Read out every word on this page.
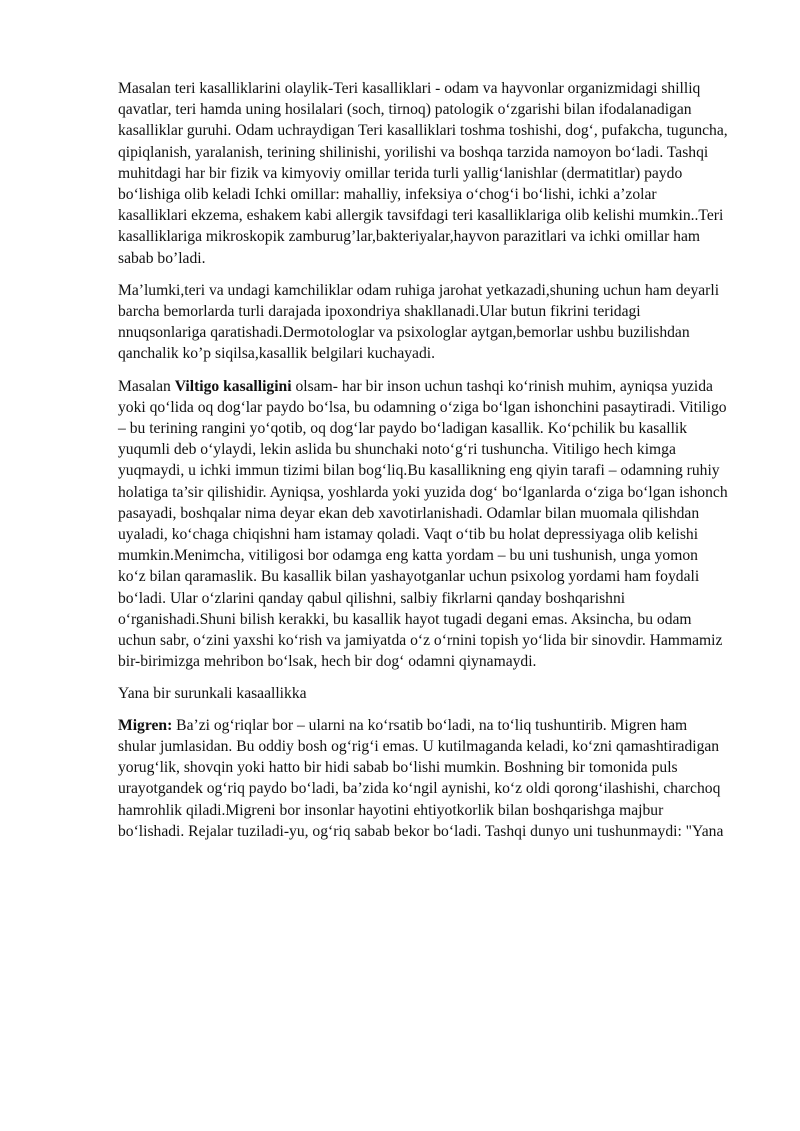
Masalan teri kasalliklarini olaylik-Teri kasalliklari - odam va hayvonlar organizmidagi shilliq qavatlar, teri hamda uning hosilalari (soch, tirnoq) patologik o‘zgarishi bilan ifodalanadigan kasalliklar guruhi. Odam uchraydigan Teri kasalliklari toshma toshishi, dog‘, pufakcha, tuguncha, qipiqlanish, yaralanish, terining shilinishi, yorilishi va boshqa tarzida namoyon bo‘ladi. Tashqi muhitdagi har bir fizik va kimyoviy omillar terida turli yallig‘lanishlar (dermatitlar) paydo bo‘lishiga olib keladi Ichki omillar: mahalliy, infeksiya o‘chog‘i bo‘lishi, ichki a’zolar kasalliklari ekzema, eshakem kabi allergik tavsifdagi teri kasalliklariga olib kelishi mumkin..Teri kasalliklariga mikroskopik zamburug’lar,bakteriyalar,hayvon parazitlari va ichki omillar ham sabab bo’ladi.

Ma’lumki,teri va undagi kamchiliklar odam ruhiga jarohat yetkazadi,shuning uchun ham deyarli barcha bemorlarda turli darajada ipoxondriya shakllanadi.Ular butun fikrini teridagi nnuqsonlariga qaratishadi.Dermotologlar va psixologlar aytgan,bemorlar ushbu buzilishdan qanchalik ko’p siqilsa,kasallik belgilari kuchayadi.

Masalan Viltigo kasalligini olsam- har bir inson uchun tashqi ko‘rinish muhim, ayniqsa yuzida yoki qo‘lida oq dog‘lar paydo bo‘lsa, bu odamning o‘ziga bo‘lgan ishonchini pasaytiradi. Vitiligo – bu terining rangini yo‘qotib, oq dog‘lar paydo bo‘ladigan kasallik. Ko‘pchilik bu kasallik yuqumli deb o‘ylaydi, lekin aslida bu shunchaki noto‘g‘ri tushuncha. Vitiligo hech kimga yuqmaydi, u ichki immun tizimi bilan bog‘liq.Bu kasallikning eng qiyin tarafi – odamning ruhiy holatiga ta’sir qilishidir. Ayniqsa, yoshlarda yoki yuzida dog‘ bo‘lganlarda o‘ziga bo‘lgan ishonch pasayadi, boshqalar nima deyar ekan deb xavotirlanishadi. Odamlar bilan muomala qilishdan uyaladi, ko‘chaga chiqishni ham istamay qoladi. Vaqt o‘tib bu holat depressiyaga olib kelishi mumkin.Menimcha, vitiligosi bor odamga eng katta yordam – bu uni tushunish, unga yomon ko‘z bilan qaramaslik. Bu kasallik bilan yashayotganlar uchun psixolog yordami ham foydali bo‘ladi. Ular o‘zlarini qanday qabul qilishni, salbiy fikrlarni qanday boshqarishni o‘rganishadi.Shuni bilish kerakki, bu kasallik hayot tugadi degani emas. Aksincha, bu odam uchun sabr, o‘zini yaxshi ko‘rish va jamiyatda o‘z o‘rnini topish yo‘lida bir sinovdir. Hammamiz bir-birimizga mehribon bo‘lsak, hech bir dog‘ odamni qiynamaydi.

Yana bir surunkali kasaallikka

Migren: Ba’zi og‘riqlar bor – ularni na ko‘rsatib bo‘ladi, na to‘liq tushuntirib. Migren ham shular jumlasidan. Bu oddiy bosh og‘rig‘i emas. U kutilmaganda keladi, ko‘zni qamashtiradigan yorug‘lik, shovqin yoki hatto bir hidi sabab bo‘lishi mumkin. Boshning bir tomonida puls urayotgandek og‘riq paydo bo‘ladi, ba’zida ko‘ngil aynishi, ko‘z oldi qorong‘ilashishi, charchoq hamrohlik qiladi.Migreni bor insonlar hayotini ehtiyotkorlik bilan boshqarishga majbur bo‘lishadi. Rejalar tuziladi-yu, og‘riq sabab bekor bo‘ladi. Tashqi dunyo uni tushunmaydi: "Yana
